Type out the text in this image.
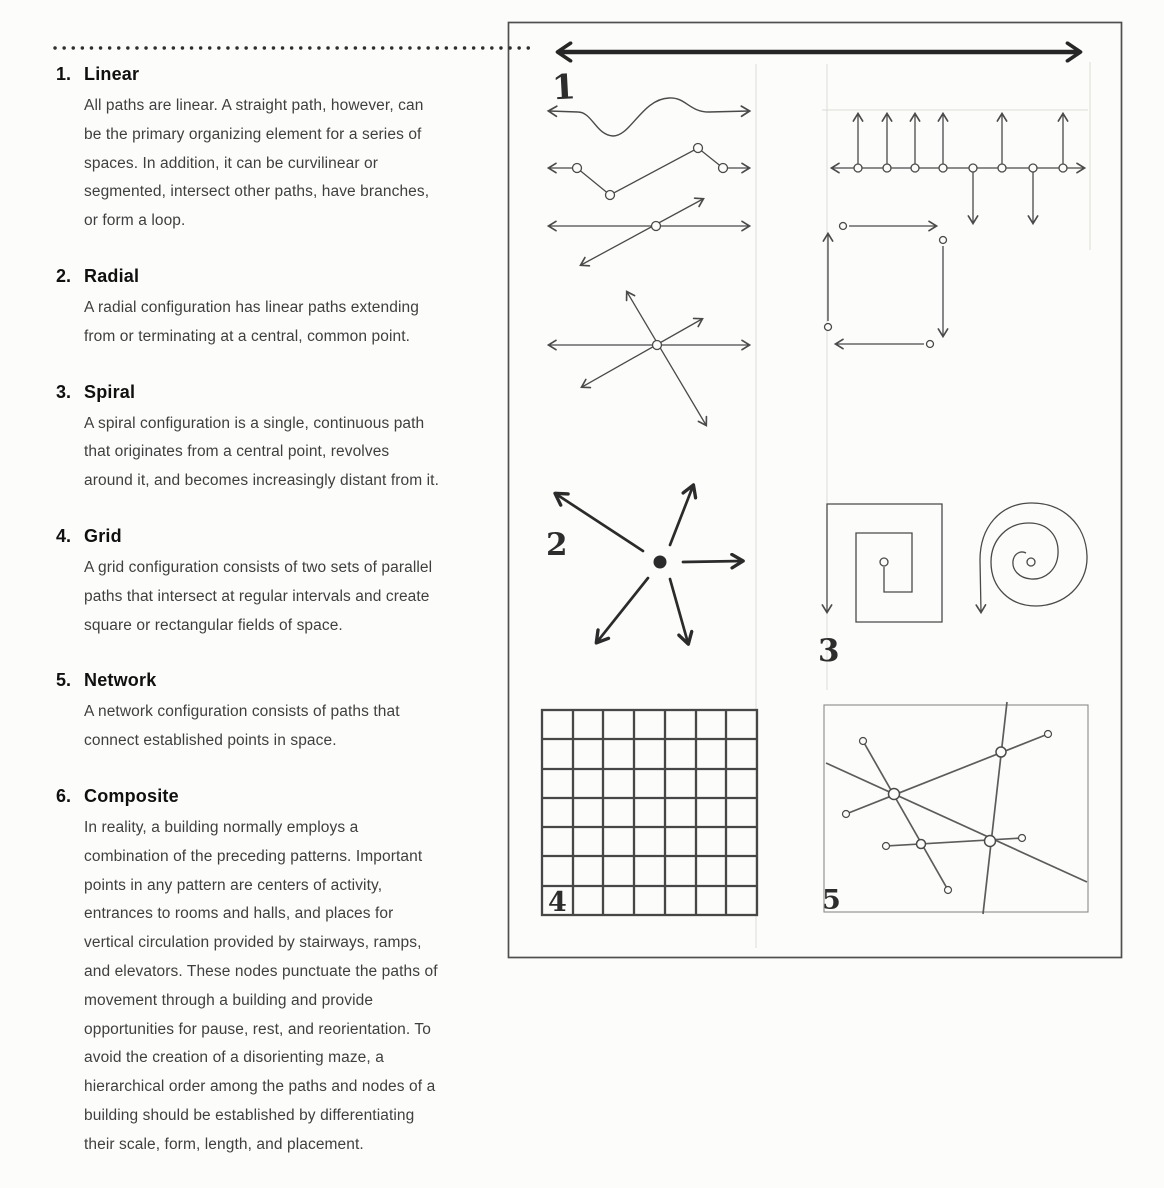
1. Linear
All paths are linear. A straight path, however, can be the primary organizing element for a series of spaces. In addition, it can be curvilinear or segmented, intersect other paths, have branches, or form a loop.
2. Radial
A radial configuration has linear paths extending from or terminating at a central, common point.
3. Spiral
A spiral configuration is a single, continuous path that originates from a central point, revolves around it, and becomes increasingly distant from it.
4. Grid
A grid configuration consists of two sets of parallel paths that intersect at regular intervals and create square or rectangular fields of space.
5. Network
A network configuration consists of paths that connect established points in space.
6. Composite
In reality, a building normally employs a combination of the preceding patterns. Important points in any pattern are centers of activity, entrances to rooms and halls, and places for vertical circulation provided by stairways, ramps, and elevators. These nodes punctuate the paths of movement through a building and provide opportunities for pause, rest, and reorientation. To avoid the creation of a disorienting maze, a hierarchical order among the paths and nodes of a building should be established by differentiating their scale, form, length, and placement.
1
2
3
4	5
